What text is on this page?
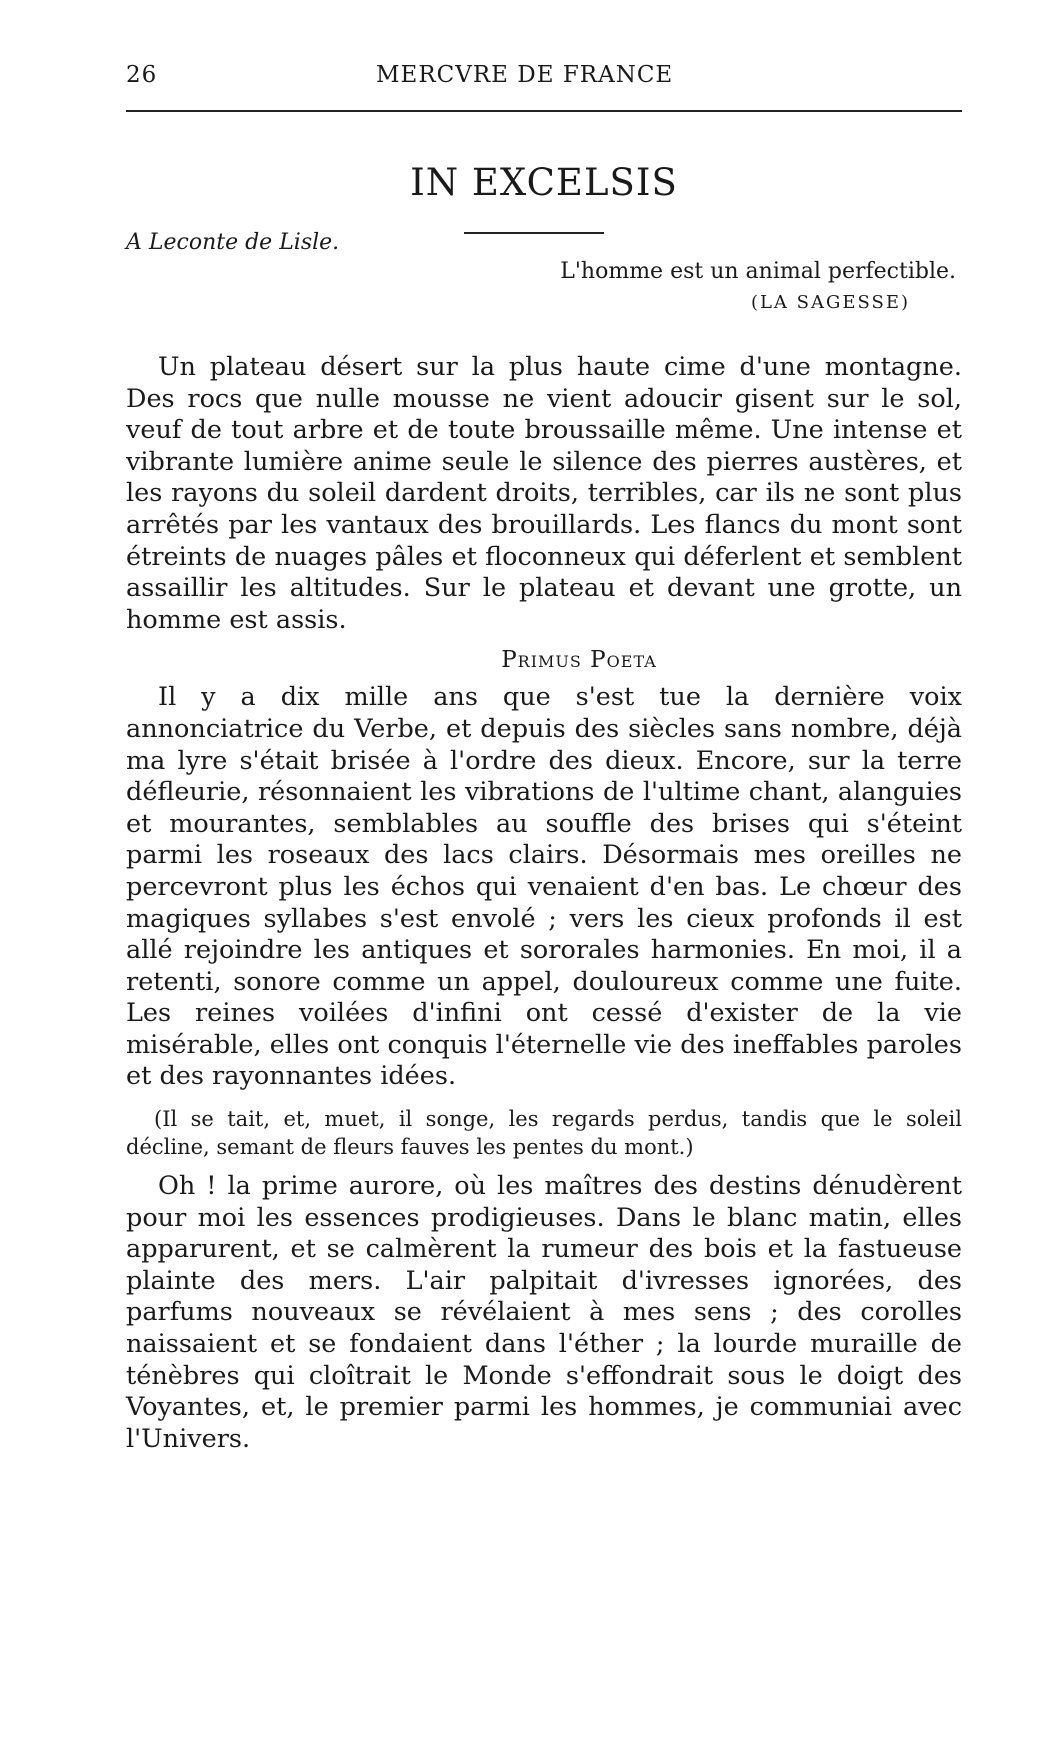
26	MERCVRE DE FRANCE
IN EXCELSIS
A Leconte de Lisle.
L'homme est un animal perfectible.
(LA SAGESSE)

Un plateau désert sur la plus haute cime d'une montagne. Des rocs que nulle mousse ne vient adoucir gisent sur le sol, veuf de tout arbre et de toute broussaille même. Une intense et vibrante lumière anime seule le silence des pierres austères, et les rayons du soleil dardent droits, terribles, car ils ne sont plus arrêtés par les vantaux des brouillards. Les flancs du mont sont étreints de nuages pâles et floconneux qui déferlent et semblent assaillir les altitudes. Sur le plateau et devant une grotte, un homme est assis.

Primus Poeta

Il y a dix mille ans que s'est tue la dernière voix annonciatrice du Verbe, et depuis des siècles sans nombre, déjà ma lyre s'était brisée à l'ordre des dieux. Encore, sur la terre défleurie, résonnaient les vibrations de l'ultime chant, alanguies et mourantes, semblables au souffle des brises qui s'éteint parmi les roseaux des lacs clairs. Désormais mes oreilles ne percevront plus les échos qui venaient d'en bas. Le chœur des magiques syllabes s'est envolé ; vers les cieux profonds il est allé rejoindre les antiques et sororales harmonies. En moi, il a retenti, sonore comme un appel, douloureux comme une fuite. Les reines voilées d'infini ont cessé d'exister de la vie misérable, elles ont conquis l'éternelle vie des ineffables paroles et des rayonnantes idées.

(Il se tait, et, muet, il songe, les regards perdus, tandis que le soleil décline, semant de fleurs fauves les pentes du mont.)

Oh ! la prime aurore, où les maîtres des destins dénudèrent pour moi les essences prodigieuses. Dans le blanc matin, elles apparurent, et se calmèrent la rumeur des bois et la fastueuse plainte des mers. L'air palpitait d'ivresses ignorées, des parfums nouveaux se révélaient à mes sens ; des corolles naissaient et se fondaient dans l'éther ; la lourde muraille de ténèbres qui cloîtrait le Monde s'effondrait sous le doigt des Voyantes, et, le premier parmi les hommes, je communiai avec l'Univers.
